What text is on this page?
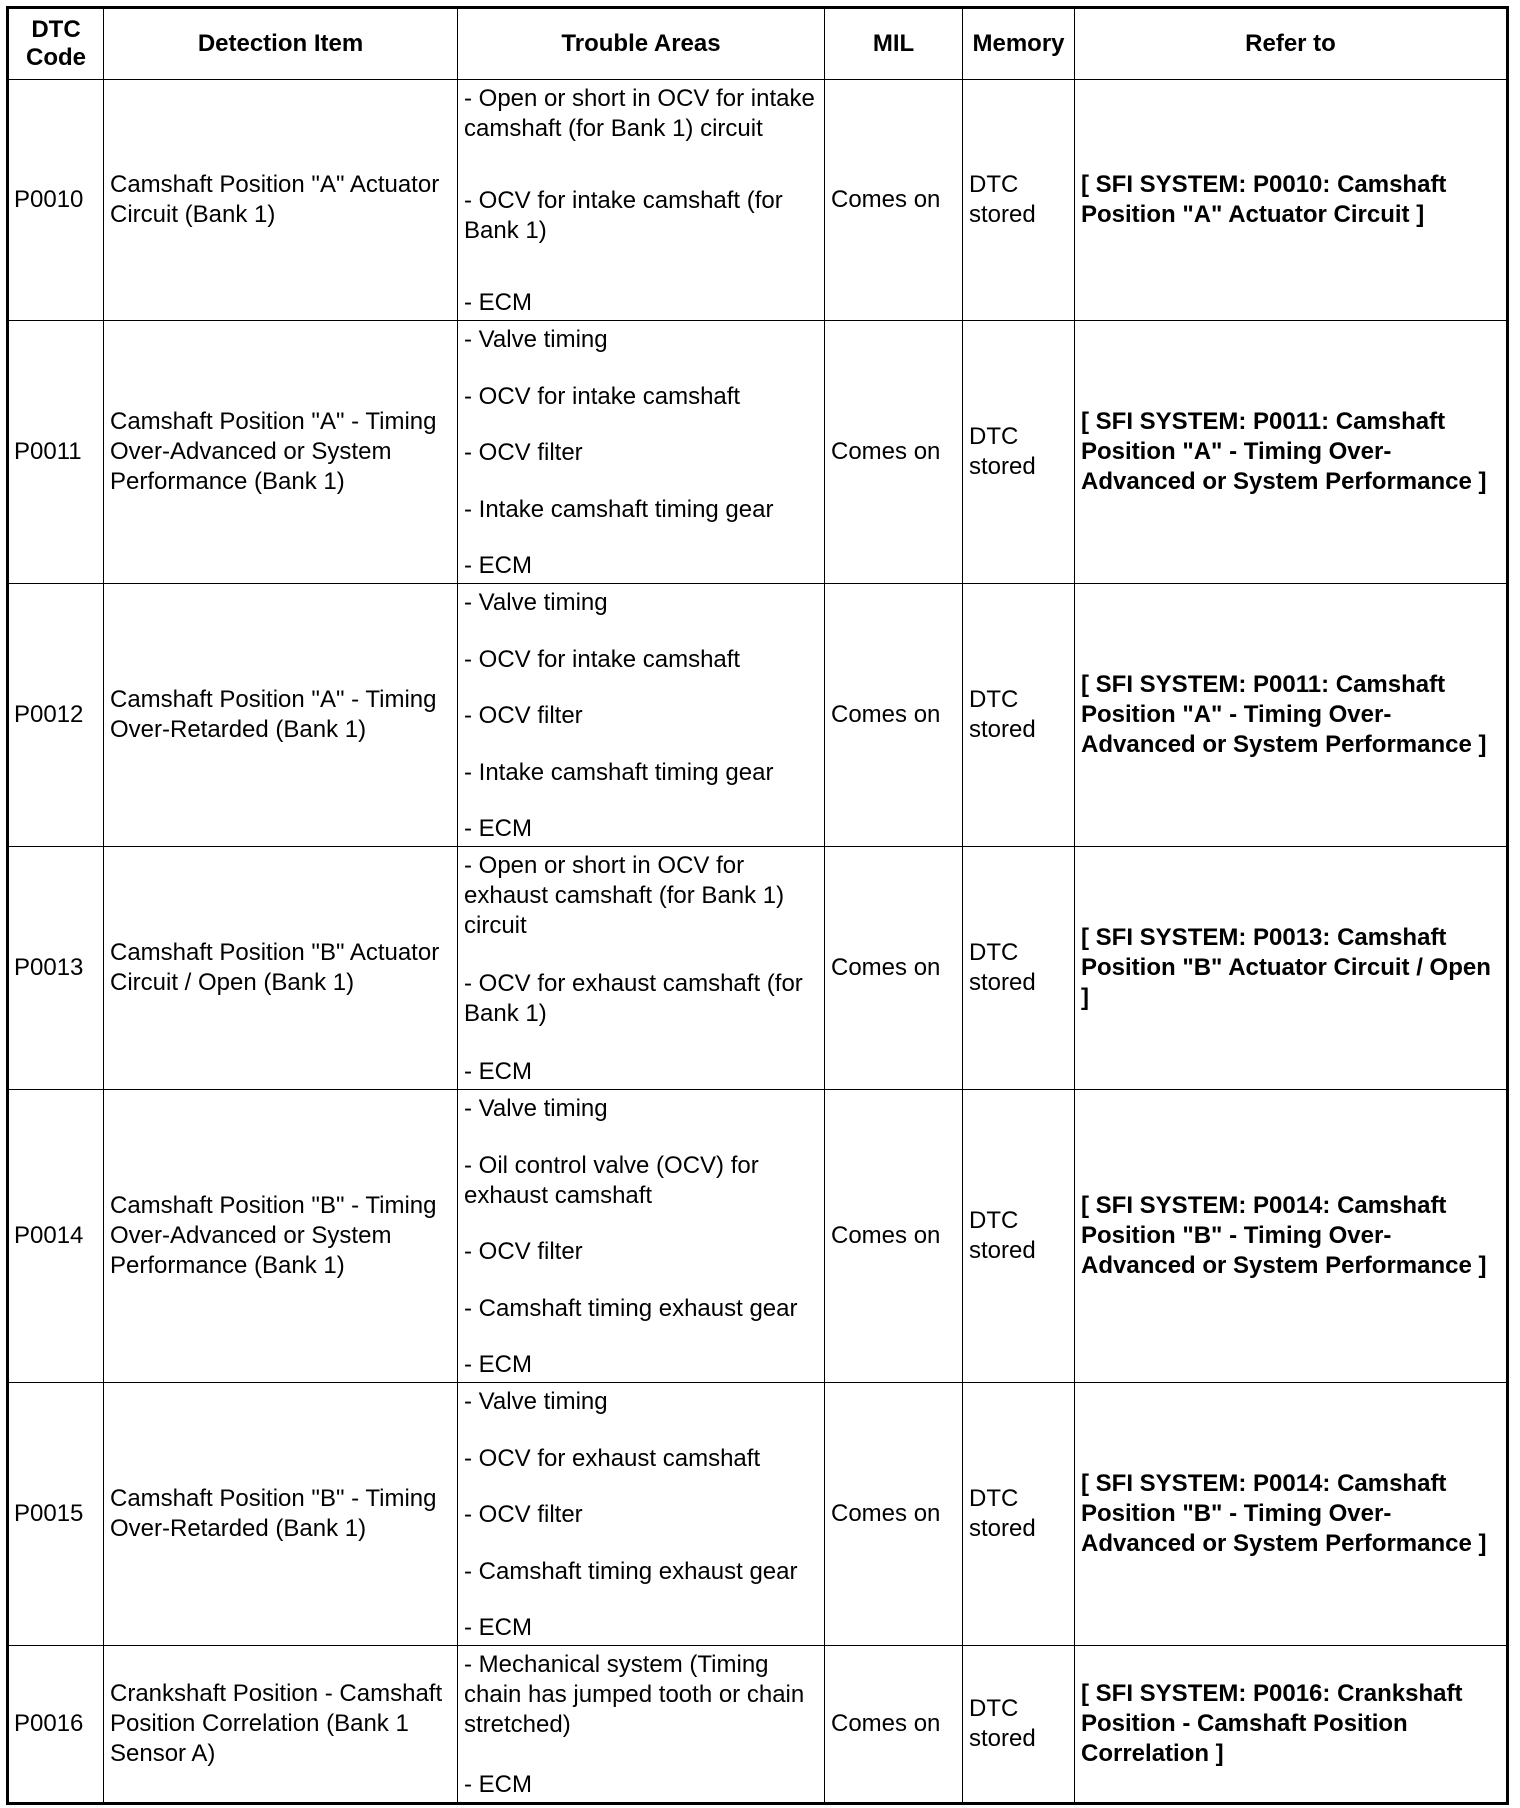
DTC Code	Detection Item	Trouble Areas	MIL	Memory	Refer to
P0010	Camshaft Position "A" Actuator Circuit (Bank 1)	- Open or short in OCV for intake camshaft (for Bank 1) circuit
- OCV for intake camshaft (for Bank 1)
- ECM	Comes on	DTC stored	[ SFI SYSTEM: P0010: Camshaft Position "A" Actuator Circuit ]
P0011	Camshaft Position "A" - Timing Over-Advanced or System Performance (Bank 1)	- Valve timing
- OCV for intake camshaft
- OCV filter
- Intake camshaft timing gear
- ECM	Comes on	DTC stored	[ SFI SYSTEM: P0011: Camshaft Position "A" - Timing Over-Advanced or System Performance ]
P0012	Camshaft Position "A" - Timing Over-Retarded (Bank 1)	- Valve timing
- OCV for intake camshaft
- OCV filter
- Intake camshaft timing gear
- ECM	Comes on	DTC stored	[ SFI SYSTEM: P0011: Camshaft Position "A" - Timing Over-Advanced or System Performance ]
P0013	Camshaft Position "B" Actuator Circuit / Open (Bank 1)	- Open or short in OCV for exhaust camshaft (for Bank 1) circuit
- OCV for exhaust camshaft (for Bank 1)
- ECM	Comes on	DTC stored	[ SFI SYSTEM: P0013: Camshaft Position "B" Actuator Circuit / Open ]
P0014	Camshaft Position "B" - Timing Over-Advanced or System Performance (Bank 1)	- Valve timing
- Oil control valve (OCV) for exhaust camshaft
- OCV filter
- Camshaft timing exhaust gear
- ECM	Comes on	DTC stored	[ SFI SYSTEM: P0014: Camshaft Position "B" - Timing Over-Advanced or System Performance ]
P0015	Camshaft Position "B" - Timing Over-Retarded (Bank 1)	- Valve timing
- OCV for exhaust camshaft
- OCV filter
- Camshaft timing exhaust gear
- ECM	Comes on	DTC stored	[ SFI SYSTEM: P0014: Camshaft Position "B" - Timing Over-Advanced or System Performance ]
P0016	Crankshaft Position - Camshaft Position Correlation (Bank 1 Sensor A)	- Mechanical system (Timing chain has jumped tooth or chain stretched)
- ECM	Comes on	DTC stored	[ SFI SYSTEM: P0016: Crankshaft Position - Camshaft Position Correlation ]
